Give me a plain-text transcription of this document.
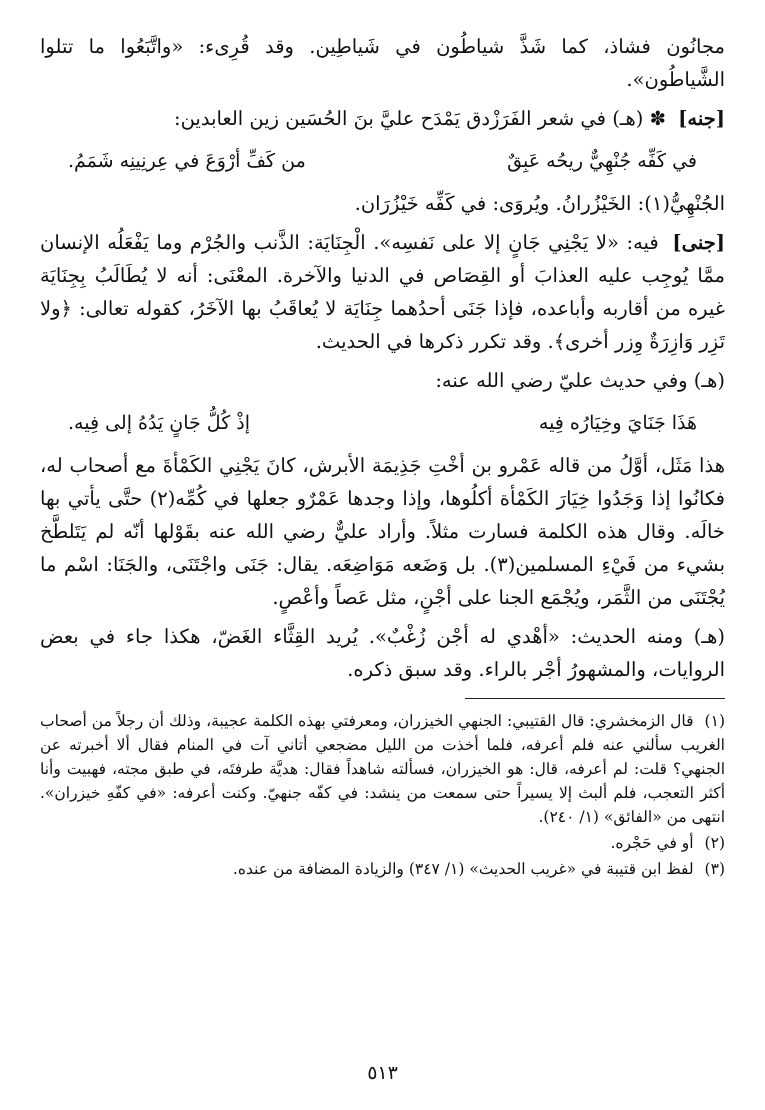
مجانُون فشاذ، كما شَذَّ شياطُون في شَياطِين. وقد قُرِىء: «واتَّبَعُوا ما تتلوا الشَّياطُون».

[جنه] ✽ (هـ) في شعر الفَرَزْدق يَمْدَح عليَّ بنَ الحُسَين زين العابدين:

في كَفِّه جُنْهِيٌّ ريحُه عَبِقٌ
من كَفِّ أرْوَعَ في عِرنِينِه شَمَمُ.

الجُنْهِيُّ(١): الخَيْزُرانُ. ويُروَى: في كَفِّه خَيْزُرَان.

[جنى] فيه: «لا يَجْنِي جَانٍ إلا على نَفسِه». الْجِنَايَة: الذَّنب والجُرْم وما يَفْعَلُه الإنسان ممَّا يُوجِب عليه العذابَ أو القِصَاص في الدنيا والآخرة. المعْنَى: أنه لا يُطَالَبُ بِجِنَايَة غيره من أقاربه وأباعده، فإذا جَنَى أحدُهما جِنَايَة لا يُعاقَبُ بها الآخَرُ، كقوله تعالى: ﴿ولا تَزِر وَازِرَةٌ وِزر أخرى﴾. وقد تكرر ذكرها في الحديث.

(هـ) وفي حديث عليّ رضي الله عنه:

هَذَا جَنَايَ وخِيَارُه فِيه
إذْ كُلُّ جَانٍ يَدُهُ إلى فِيه.

هذا مَثَل، أوَّلُ من قاله عَمْرو بن أخْتِ جَذِيمَة الأبرش، كانَ يَجْنِي الكَمْأةَ مع أصحاب له، فكانُوا إذا وَجَدُوا خِيَارَ الكَمْأة أكلُوها، وإذا وجدها عَمْرٌو جعلها في كُمِّه(٢) حتَّى يأتي بها خالَه. وقال هذه الكلمة فسارت مثلاً. وأراد عليٌّ رضي الله عنه بقَوْلها أنّه لم يَتَلطَّخ بشيء من فَيْءِ المسلمين(٣). بل وَضَعه مَوَاضِعَه. يقال: جَنَى واجْتَنَى، والجَنَا: اسْم ما يُجْتَنَى من الثَّمَر، ويُجْمَع الجنا على أجْنٍ، مثل عَصاً وأعْصٍ.

(هـ) ومنه الحديث: «أهْدي له أجْن زُغْبٌ». يُريد القِثَّاء الغَضّ، هكذا جاء في بعض الروايات، والمشهورُ أجْر بالراء. وقد سبق ذكره.

(١) قال الزمخشري: قال القتيبي: الجنهي الخيزران، ومعرفتي بهذه الكلمة عجيبة، وذلك أن رجلاً من أصحاب الغريب سألني عنه فلم أعرفه، فلما أخذت من الليل مضجعي أتاني آت في المنام فقال ألا أخبرته عن الجنهي؟ قلت: لم أعرفه، قال: هو الخيزران، فسألته شاهداً فقال: هديَّة طرفتَه، في طبق مجته، فهبيت وأنا أكثر التعجب، فلم ألبث إلا يسيراً حتى سمعت من ينشد: في كفّه جنهيّ. وكنت أعرفه: «في كفّهِ خيزران». انتهى من «الفائق» (١/ ٢٤٠).

(٢) أو في حَجْره.

(٣) لفظ ابن قتيبة في «غريب الحديث» (١/ ٣٤٧) والزيادة المضافة من عنده.

٥١٣
